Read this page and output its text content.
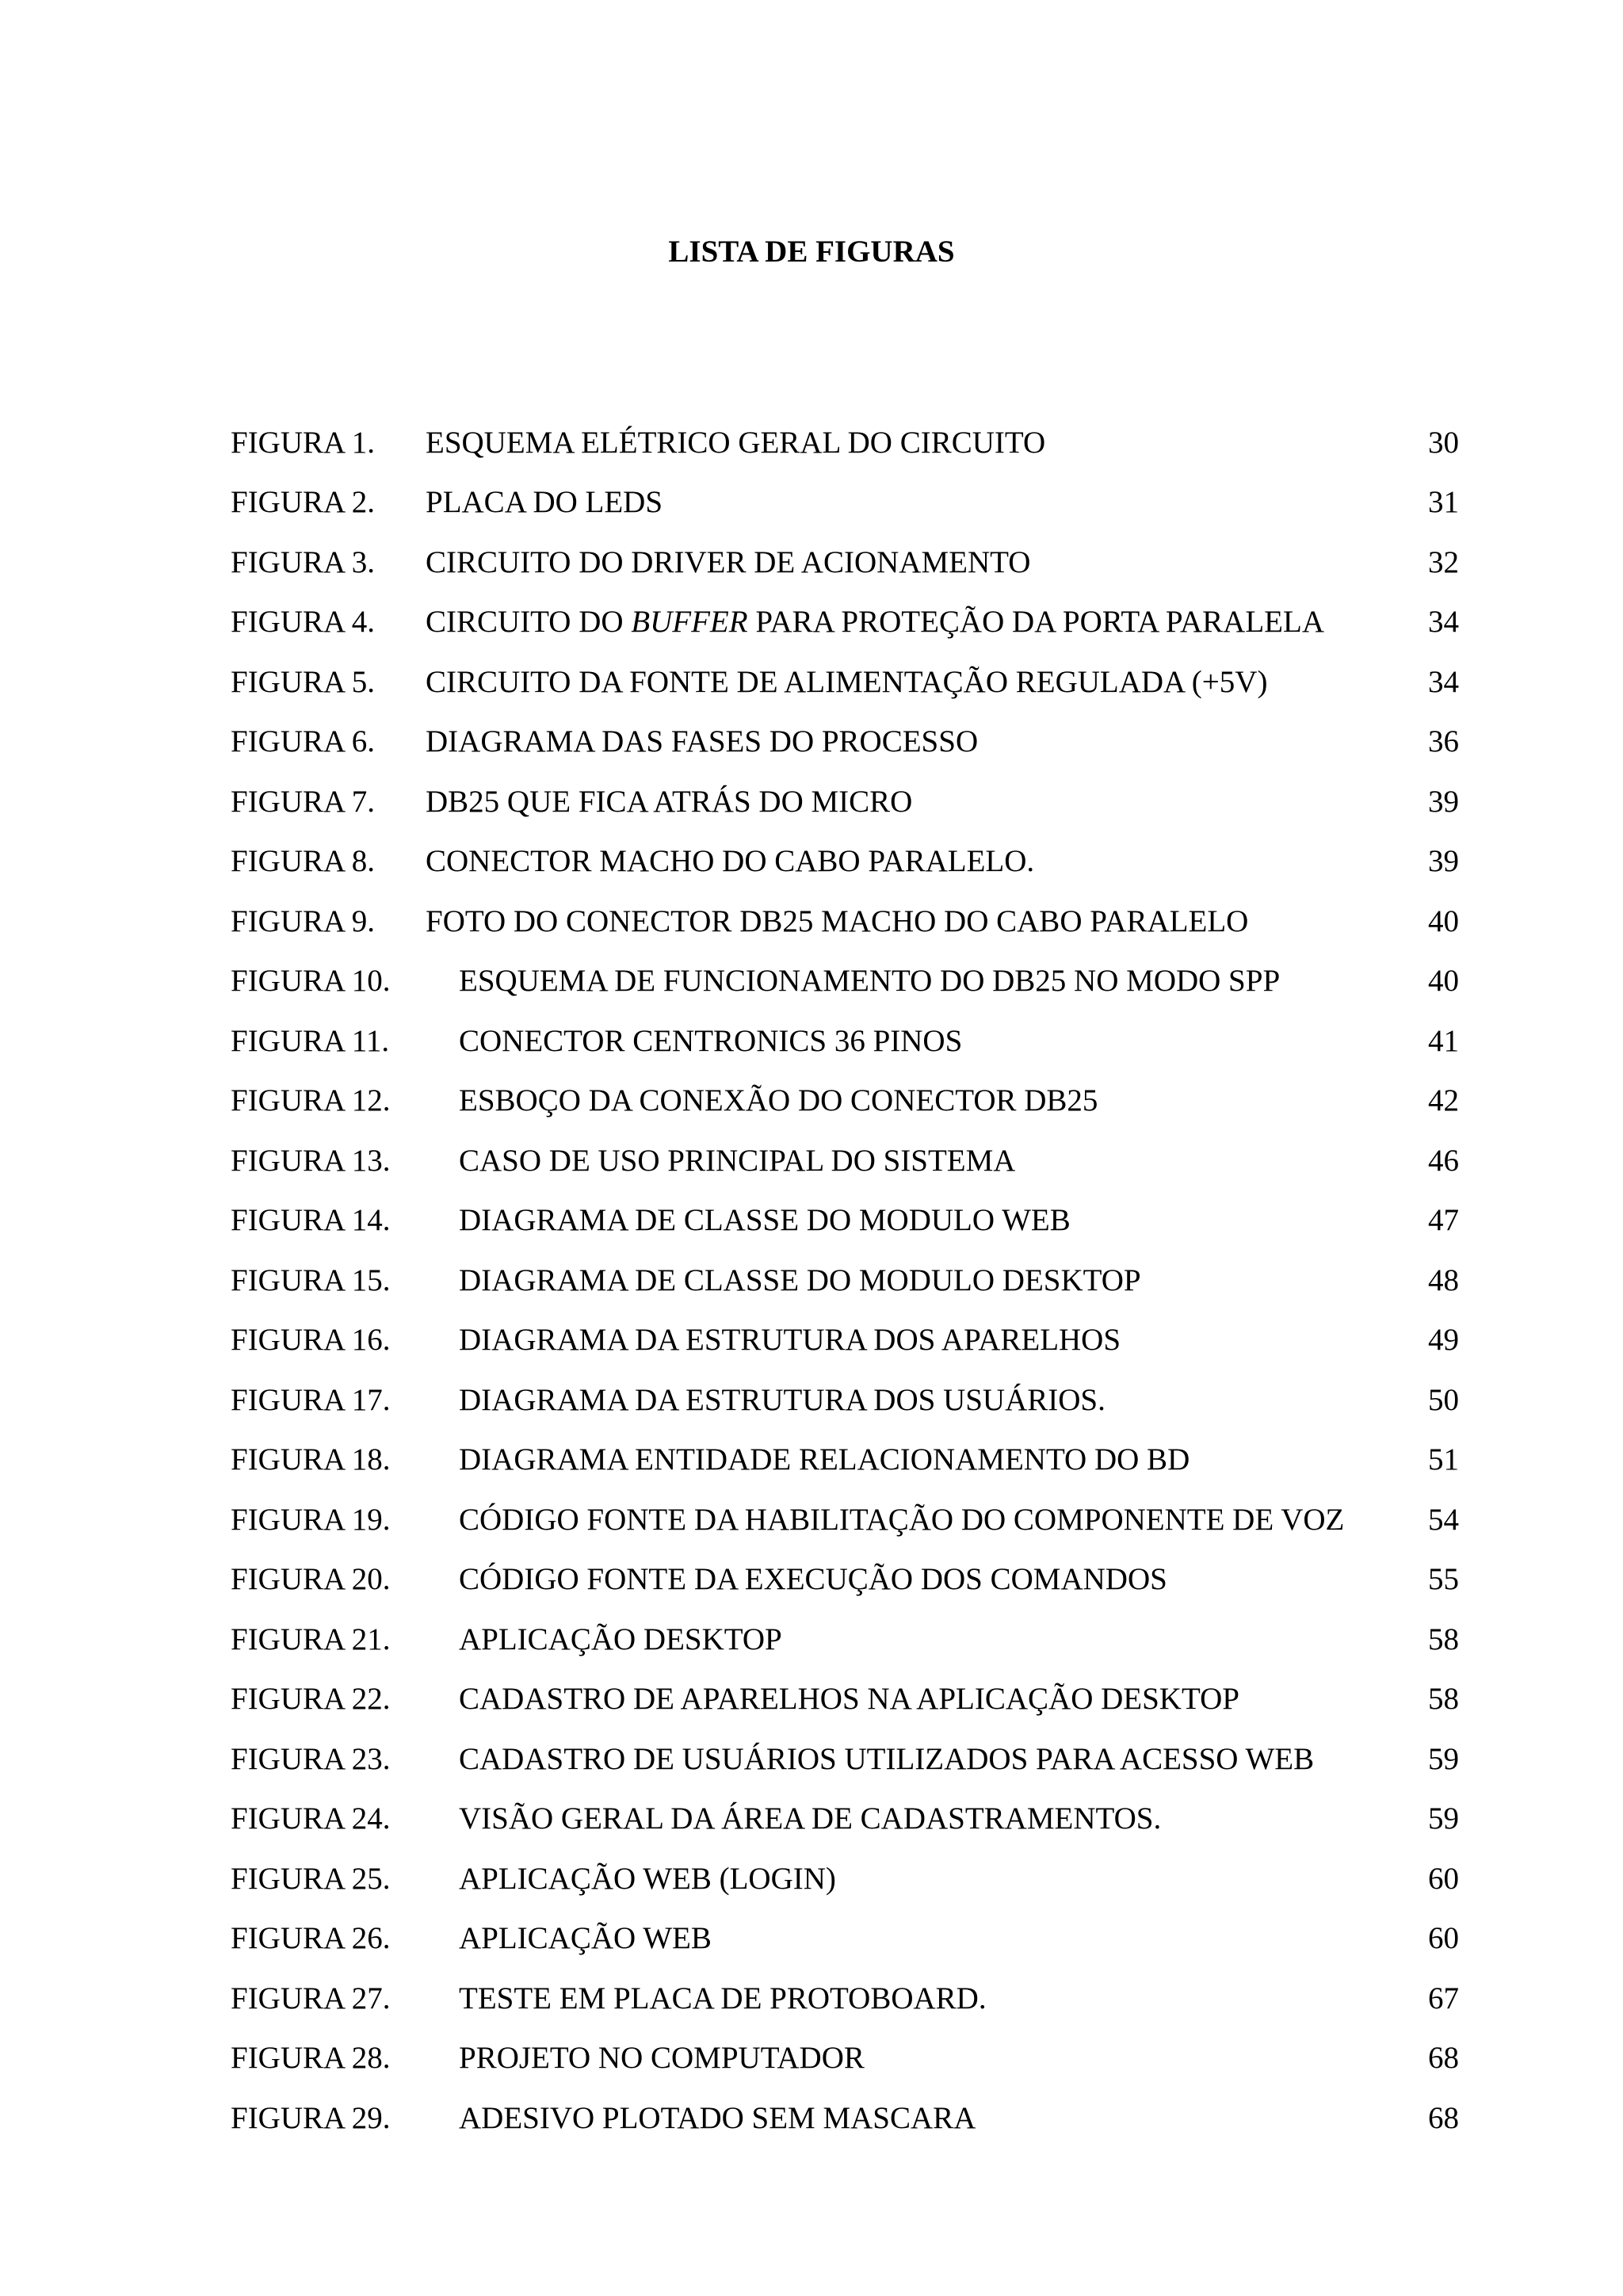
LISTA DE FIGURAS
FIGURA 1.	ESQUEMA ELÉTRICO GERAL DO CIRCUITO	30
FIGURA 2.	PLACA DO LEDS	31
FIGURA 3.	CIRCUITO DO DRIVER DE ACIONAMENTO	32
FIGURA 4.	CIRCUITO DO BUFFER PARA PROTEÇÃO DA PORTA PARALELA	34
FIGURA 5.	CIRCUITO DA FONTE DE ALIMENTAÇÃO REGULADA (+5V)	34
FIGURA 6.	DIAGRAMA DAS FASES DO PROCESSO	36
FIGURA 7.	DB25 QUE FICA ATRÁS DO MICRO	39
FIGURA 8.	CONECTOR MACHO DO CABO PARALELO.	39
FIGURA 9.	FOTO DO CONECTOR DB25 MACHO DO CABO PARALELO	40
FIGURA 10.	ESQUEMA DE FUNCIONAMENTO DO DB25 NO MODO SPP	40
FIGURA 11.	CONECTOR CENTRONICS 36 PINOS	41
FIGURA 12.	ESBOÇO DA CONEXÃO DO CONECTOR DB25	42
FIGURA 13.	CASO DE USO PRINCIPAL DO SISTEMA	46
FIGURA 14.	DIAGRAMA DE CLASSE DO MODULO WEB	47
FIGURA 15.	DIAGRAMA DE CLASSE DO MODULO DESKTOP	48
FIGURA 16.	DIAGRAMA DA ESTRUTURA DOS APARELHOS	49
FIGURA 17.	DIAGRAMA DA ESTRUTURA DOS USUÁRIOS.	50
FIGURA 18.	DIAGRAMA ENTIDADE RELACIONAMENTO DO BD	51
FIGURA 19.	CÓDIGO FONTE DA HABILITAÇÃO DO COMPONENTE DE VOZ	54
FIGURA 20.	CÓDIGO FONTE DA EXECUÇÃO DOS COMANDOS	55
FIGURA 21.	APLICAÇÃO DESKTOP	58
FIGURA 22.	CADASTRO DE APARELHOS NA APLICAÇÃO DESKTOP	58
FIGURA 23.	CADASTRO DE USUÁRIOS UTILIZADOS PARA ACESSO WEB	59
FIGURA 24.	VISÃO GERAL DA ÁREA DE CADASTRAMENTOS.	59
FIGURA 25.	APLICAÇÃO WEB (LOGIN)	60
FIGURA 26.	APLICAÇÃO WEB	60
FIGURA 27.	TESTE EM PLACA DE PROTOBOARD.	67
FIGURA 28.	PROJETO NO COMPUTADOR	68
FIGURA 29.	ADESIVO PLOTADO SEM MASCARA	68
